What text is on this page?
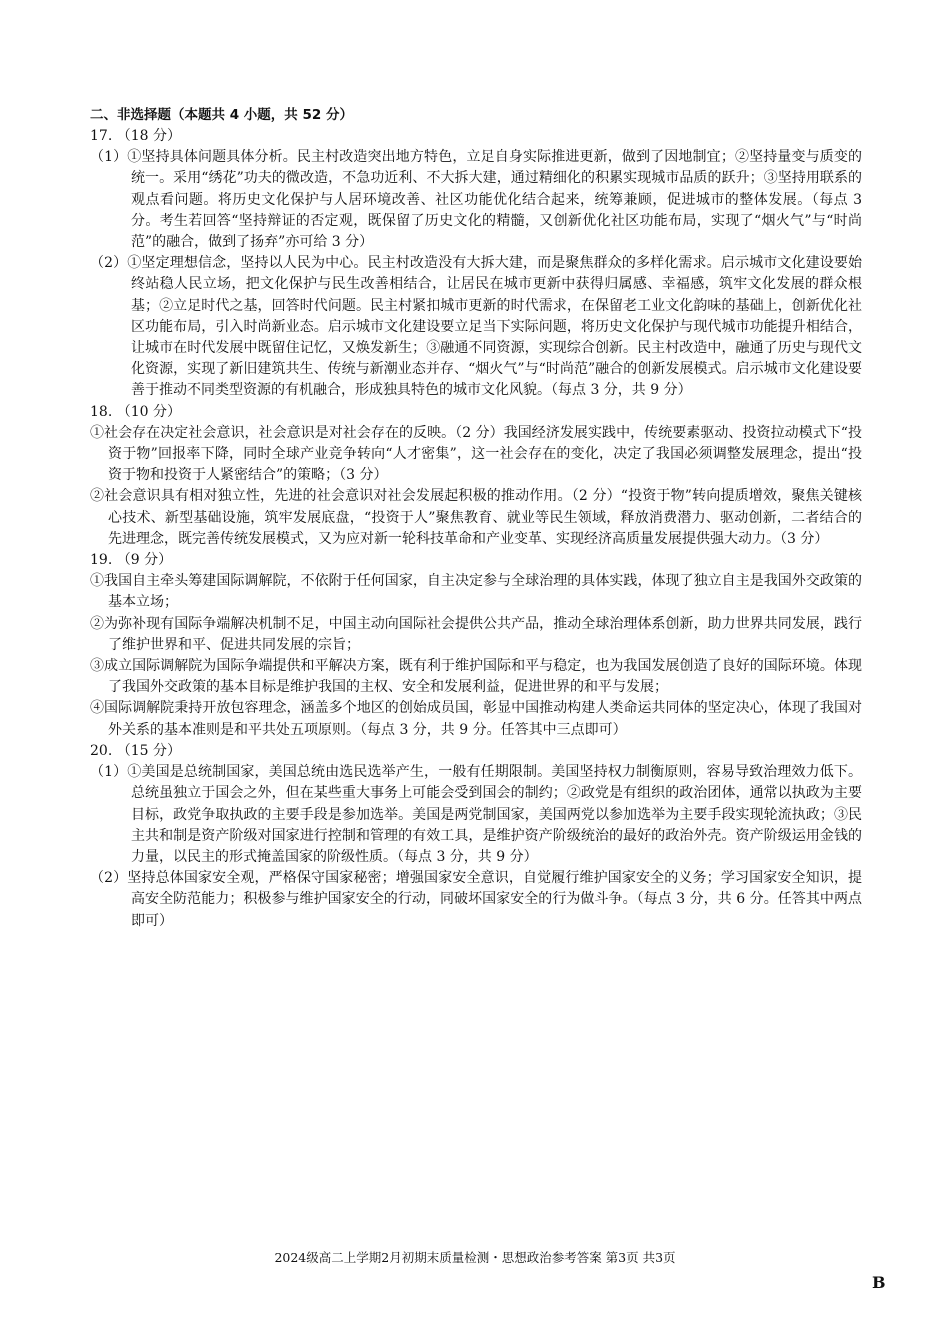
二、非选择题（本题共 4 小题，共 52 分）
17. （18 分）
（1）①坚持具体问题具体分析。民主村改造突出地方特色，立足自身实际推进更新，做到了因地制宜；②坚持量变与质变的统一。采用“绣花”功夫的微改造，不急功近利、不大拆大建，通过精细化的积累实现城市品质的跃升；③坚持用联系的观点看问题。将历史文化保护与人居环境改善、社区功能优化结合起来，统筹兼顾，促进城市的整体发展。（每点 3 分。考生若回答“坚持辩证的否定观，既保留了历史文化的精髓，又创新优化社区功能布局，实现了“烟火气”与“时尚范”的融合，做到了扬弃”亦可给 3 分）
（2）①坚定理想信念，坚持以人民为中心。民主村改造没有大拆大建，而是聚焦群众的多样化需求。启示城市文化建设要始终站稳人民立场，把文化保护与民生改善相结合，让居民在城市更新中获得归属感、幸福感，筑牢文化发展的群众根基；②立足时代之基，回答时代问题。民主村紧扣城市更新的时代需求，在保留老工业文化韵味的基础上，创新优化社区功能布局，引入时尚新业态。启示城市文化建设要立足当下实际问题，将历史文化保护与现代城市功能提升相结合，让城市在时代发展中既留住记忆，又焕发新生；③融通不同资源，实现综合创新。民主村改造中，融通了历史与现代文化资源，实现了新旧建筑共生、传统与新潮业态并存、“烟火气”与“时尚范”融合的创新发展模式。启示城市文化建设要善于推动不同类型资源的有机融合，形成独具特色的城市文化风貌。（每点 3 分，共 9 分）
18. （10 分）
①社会存在决定社会意识，社会意识是对社会存在的反映。（2 分）我国经济发展实践中，传统要素驱动、投资拉动模式下“投资于物”回报率下降，同时全球产业竞争转向“人才密集”，这一社会存在的变化，决定了我国必须调整发展理念，提出“投资于物和投资于人紧密结合”的策略；（3 分）
②社会意识具有相对独立性，先进的社会意识对社会发展起积极的推动作用。（2 分）“投资于物”转向提质增效，聚焦关键核心技术、新型基础设施，筑牢发展底盘，“投资于人”聚焦教育、就业等民生领域，释放消费潜力、驱动创新，二者结合的先进理念，既完善传统发展模式，又为应对新一轮科技革命和产业变革、实现经济高质量发展提供强大动力。（3 分）
19. （9 分）
①我国自主牵头筹建国际调解院，不依附于任何国家，自主决定参与全球治理的具体实践，体现了独立自主是我国外交政策的基本立场；
②为弥补现有国际争端解决机制不足，中国主动向国际社会提供公共产品，推动全球治理体系创新，助力世界共同发展，践行了维护世界和平、促进共同发展的宗旨；
③成立国际调解院为国际争端提供和平解决方案，既有利于维护国际和平与稳定，也为我国发展创造了良好的国际环境。体现了我国外交政策的基本目标是维护我国的主权、安全和发展利益，促进世界的和平与发展；
④国际调解院秉持开放包容理念，涵盖多个地区的创始成员国，彰显中国推动构建人类命运共同体的坚定决心，体现了我国对外关系的基本准则是和平共处五项原则。（每点 3 分，共 9 分。任答其中三点即可）
20. （15 分）
（1）①美国是总统制国家，美国总统由选民选举产生，一般有任期限制。美国坚持权力制衡原则，容易导致治理效力低下。总统虽独立于国会之外，但在某些重大事务上可能会受到国会的制约；②政党是有组织的政治团体，通常以执政为主要目标，政党争取执政的主要手段是参加选举。美国是两党制国家，美国两党以参加选举为主要手段实现轮流执政；③民主共和制是资产阶级对国家进行控制和管理的有效工具，是维护资产阶级统治的最好的政治外壳。资产阶级运用金钱的力量，以民主的形式掩盖国家的阶级性质。（每点 3 分，共 9 分）
（2）坚持总体国家安全观，严格保守国家秘密；增强国家安全意识，自觉履行维护国家安全的义务；学习国家安全知识，提高安全防范能力；积极参与维护国家安全的行动，同破坏国家安全的行为做斗争。（每点 3 分，共 6 分。任答其中两点即可）
2024级高二上学期2月初期末质量检测・思想政治参考答案 第3页 共3页
B
